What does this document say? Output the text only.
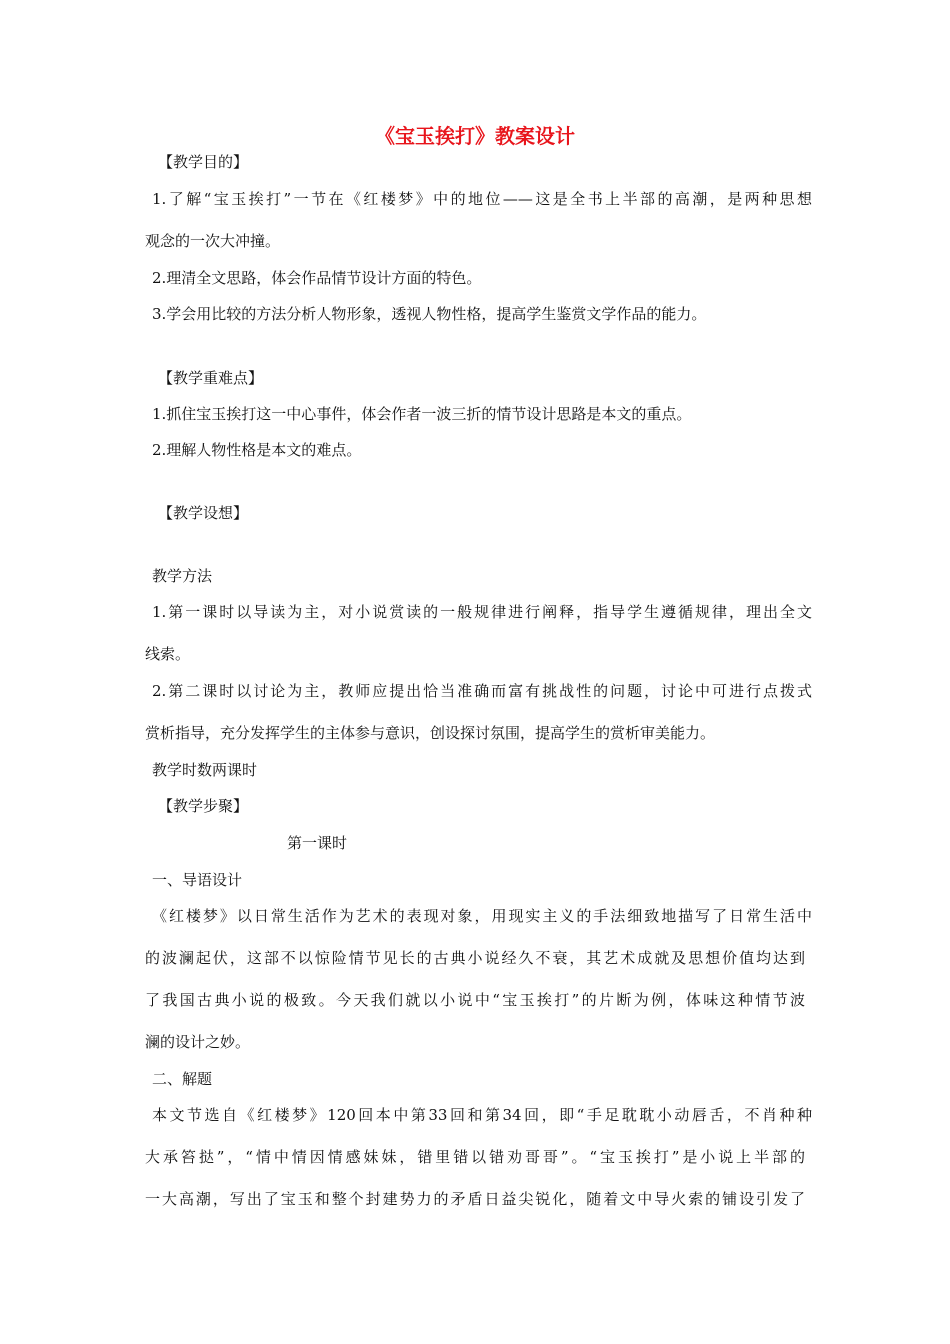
《宝玉挨打》教案设计
【教学目的】
1.了解“宝玉挨打”一节在《红楼梦》中的地位——这是全书上半部的高潮，是两种思想
观念的一次大冲撞。
2.理清全文思路，体会作品情节设计方面的特色。
3.学会用比较的方法分析人物形象，透视人物性格，提高学生鉴赏文学作品的能力。
【教学重难点】
1.抓住宝玉挨打这一中心事件，体会作者一波三折的情节设计思路是本文的重点。
2.理解人物性格是本文的难点。
【教学设想】
教学方法
1.第一课时以导读为主，对小说赏读的一般规律进行阐释，指导学生遵循规律，理出全文
线索。
2.第二课时以讨论为主，教师应提出恰当准确而富有挑战性的问题，讨论中可进行点拨式
赏析指导，充分发挥学生的主体参与意识，创设探讨氛围，提高学生的赏析审美能力。
教学时数两课时
【教学步聚】
第一课时
一、导语设计
《红楼梦》以日常生活作为艺术的表现对象，用现实主义的手法细致地描写了日常生活中
的波澜起伏，这部不以惊险情节见长的古典小说经久不衰，其艺术成就及思想价值均达到
了我国古典小说的极致。今天我们就以小说中“宝玉挨打”的片断为例，体味这种情节波
澜的设计之妙。
二、解题
本文节选自《红楼梦》120回本中第33回和第34回，即“手足耽耽小动唇舌，不肖种种
大承笞挞”，“情中情因情感妹妹，错里错以错劝哥哥”。“宝玉挨打”是小说上半部的
一大高潮，写出了宝玉和整个封建势力的矛盾日益尖锐化，随着文中导火索的铺设引发了
